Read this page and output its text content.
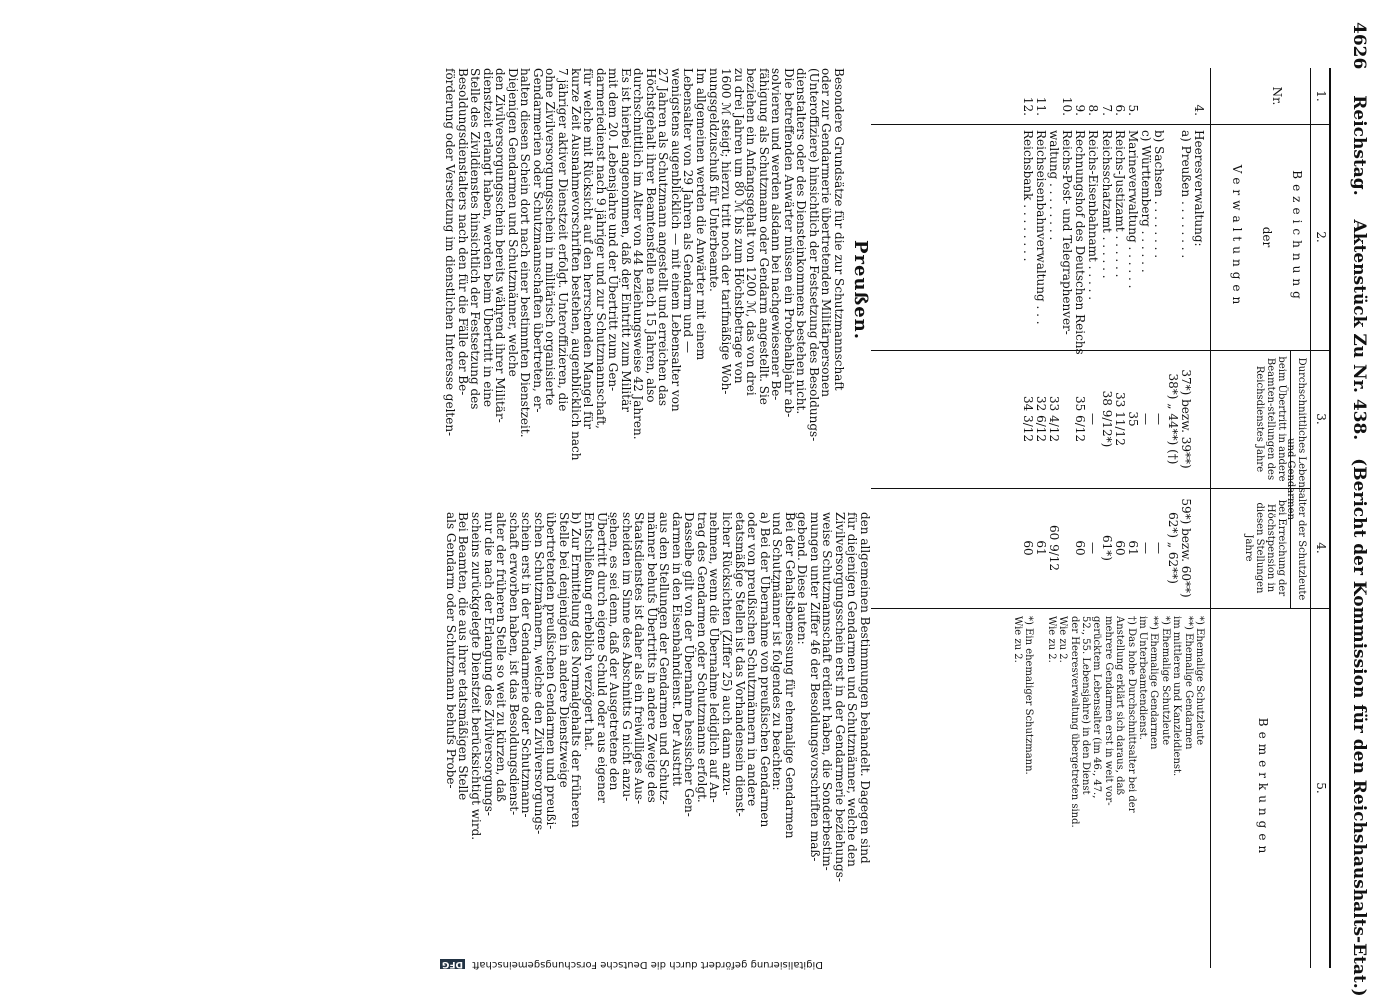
4626 Reichstag. Aktenstück Zu Nr. 438. (Bericht der Kommission für den Reichshaushalts-Etat.)
1.
2.
3.
4.
5.
Nr.
Bezeichnung
der
Verwaltungen
Durchschnittliches Lebensalter der Schutzleute und Gendarmen
beim Übertritt in andere Beamten-stellungen des Reichsdienstes Jahre
bei Erreichung der Höchstpension in diesen Stellungen Jahre
Bemerkungen
4.
Heeresverwaltung:
a) Preußen . . . . . . . .
37*) bezw. 39**)
59*) bezw. 60**)
38*) „ 44**) (†)
62*) „ 62**)
b) Sachsen . . . . . . . .
—
—
c) Württemberg . . . . . .
—
—
5.
Marineverwaltung . . . . . .
35
61
6.
Reichs-Justizamt . . . . . .
33 11/12
60
7.
Reichsschatzamt . . . . . .
38 9/12*)
61*)
8.
Reichs-Eisenbahnamt . . . . .
—
—
9.
Rechnungshof des Deutschen Reichs
35 6/12
60
10.
Reichs-Post- und Telegraphenver-
waltung . . . . . . . .
33 4/12
60 9/12
11.
Reichseisenbahnverwaltung . . .
32 6/12
61
12.
Reichsbank . . . . . . . .
34 3/12
60
*) Ehemalige Schutzleute
**) Ehemalige Gendarmen
im mittleren und Kanzleidienst.
*) Ehemalige Schutzleute
**) Ehemalige Gendarmen
im Unterbeamtendienst.
†) Das hohe Durchschnittsalter bei der
Anstellung erklärt sich daraus, daß
mehrere Gendarmen erst in weit vor-
gerücktem Lebensalter (im 46., 47.,
52., 55. Lebensjahre) in den Dienst
der Heeresverwaltung übergetreten sind.
Wie zu 2.
Wie zu 2.
*) Ein ehemaliger Schutzmann.
Wie zu 2.
Preußen.
Besondere Grundsätze für die zur Schutzmannschaft
oder zur Gendarmerie übertretenden Militärpersonen
(Unteroffiziere) hinsichtlich der Festsetzung des Besoldungs-
dienstalters oder des Diensteinkommens bestehen nicht.
Die betreffenden Anwärter müssen ein Probehalbjahr ab-
solvieren und werden alsdann bei nachgewiesener Be-
fähigung als Schutzmann oder Gendarm angestellt. Sie
beziehen ein Anfangsgehalt von 1200 ℳ, das von drei
zu drei Jahren um 80 ℳ bis zum Höchstbetrage von
1600 ℳ steigt; hierzu tritt noch der tarifmäßige Woh-
nungsgeldzuschuß für Unterbeamte.
Im allgemeinen werden die Anwärter mit einem
Lebensalter von 29 Jahren als Gendarm und —
wenigstens augenblicklich — mit einem Lebensalter von
27 Jahren als Schutzmann angestellt und erreichen das
Höchstgehalt ihrer Beamtenstelle nach 15 Jahren, also
durchschnittlich im Alter von 44 beziehungsweise 42 Jahren.
Es ist hierbei angenommen, daß der Eintritt zum Militär
mit dem 20. Lebensjahre und der Übertritt zum Gen-
darmeriedienst nach 9 jähriger und zur Schutzmannschaft,
für welche mit Rücksicht auf den herrschenden Mangel für
kurze Zeit Ausnahmevorschriften bestehen, augenblicklich nach
7 jähriger aktiver Dienstzeit erfolgt. Unteroffizieren, die
ohne Zivilversorgungsschein in militärisch organisierte
Gendarmerien oder Schutzmannschaften übertreten, er-
halten diesen Schein dort nach einer bestimmten Dienstzeit.
Diejenigen Gendarmen und Schutzmänner, welche
den Zivilversorgungsschein bereits während ihrer Militär-
dienstzeit erlangt haben, werden beim Übertritt in eine
Stelle des Zivildienstes hinsichtlich der Festsetzung des
Besoldungsdienstalters nach den für die Fälle der Be-
förderung oder Versetzung im dienstlichen Interesse gelten-
den allgemeinen Bestimmungen behandelt. Dagegen sind
für diejenigen Gendarmen und Schutzmänner, welche den
Zivilversorgungsschein erst in der Gendarmerie beziehungs-
weise Schutzmannschaft erdient haben, die Sonderbestim-
mungen unter Ziffer 46 der Besoldungsvorschriften maß-
gebend. Diese lauten:
Bei der Gehaltsbemessung für ehemalige Gendarmen
und Schutzmänner ist folgendes zu beachten:
a) Bei der Übernahme von preußischen Gendarmen
oder von preußischen Schutzmännern in andere
etatsmäßige Stellen ist das Vorhandensein dienst-
licher Rücksichten (Ziffer 25) auch dann anzu-
nehmen, wenn die Übernahme lediglich auf An-
trag des Gendarmen oder Schutzmanns erfolgt.
Dasselbe gilt von der Übernahme hessischer Gen-
darmen in den Eisenbahndienst. Der Austritt
aus den Stellungen der Gendarmen und Schutz-
männer behufs Übertritts in andere Zweige des
Staatsdienstes ist daher als ein freiwilliges Aus-
scheiden im Sinne des Abschnitts G nicht anzu-
sehen, es sei denn, daß der Ausgetretene den
Übertritt durch eigene Schuld oder aus eigener
Entschließung erheblich verzögert hat.
b) Zur Ermittelung des Normalgehalts der früheren
Stelle bei denjenigen in andere Dienstzweige
übertretenden preußischen Gendarmen und preußi-
schen Schutzmännern, welche den Zivilversorgungs-
schein erst in der Gendarmerie oder Schutzmann-
schaft erworben haben, ist das Besoldungsdienst-
alter der früheren Stelle so weit zu kürzen, daß
nur die nach der Erlangung des Zivilversorgungs-
scheins zurückgelegte Dienstzeit berücksichtigt wird.
Bei Beamten, die aus ihrer etatsmäßigen Stelle
als Gendarm oder Schutzmann behufs Probe-
Digitalisierung gefördert durch die Deutsche Forschungsgemeinschaft DFG
